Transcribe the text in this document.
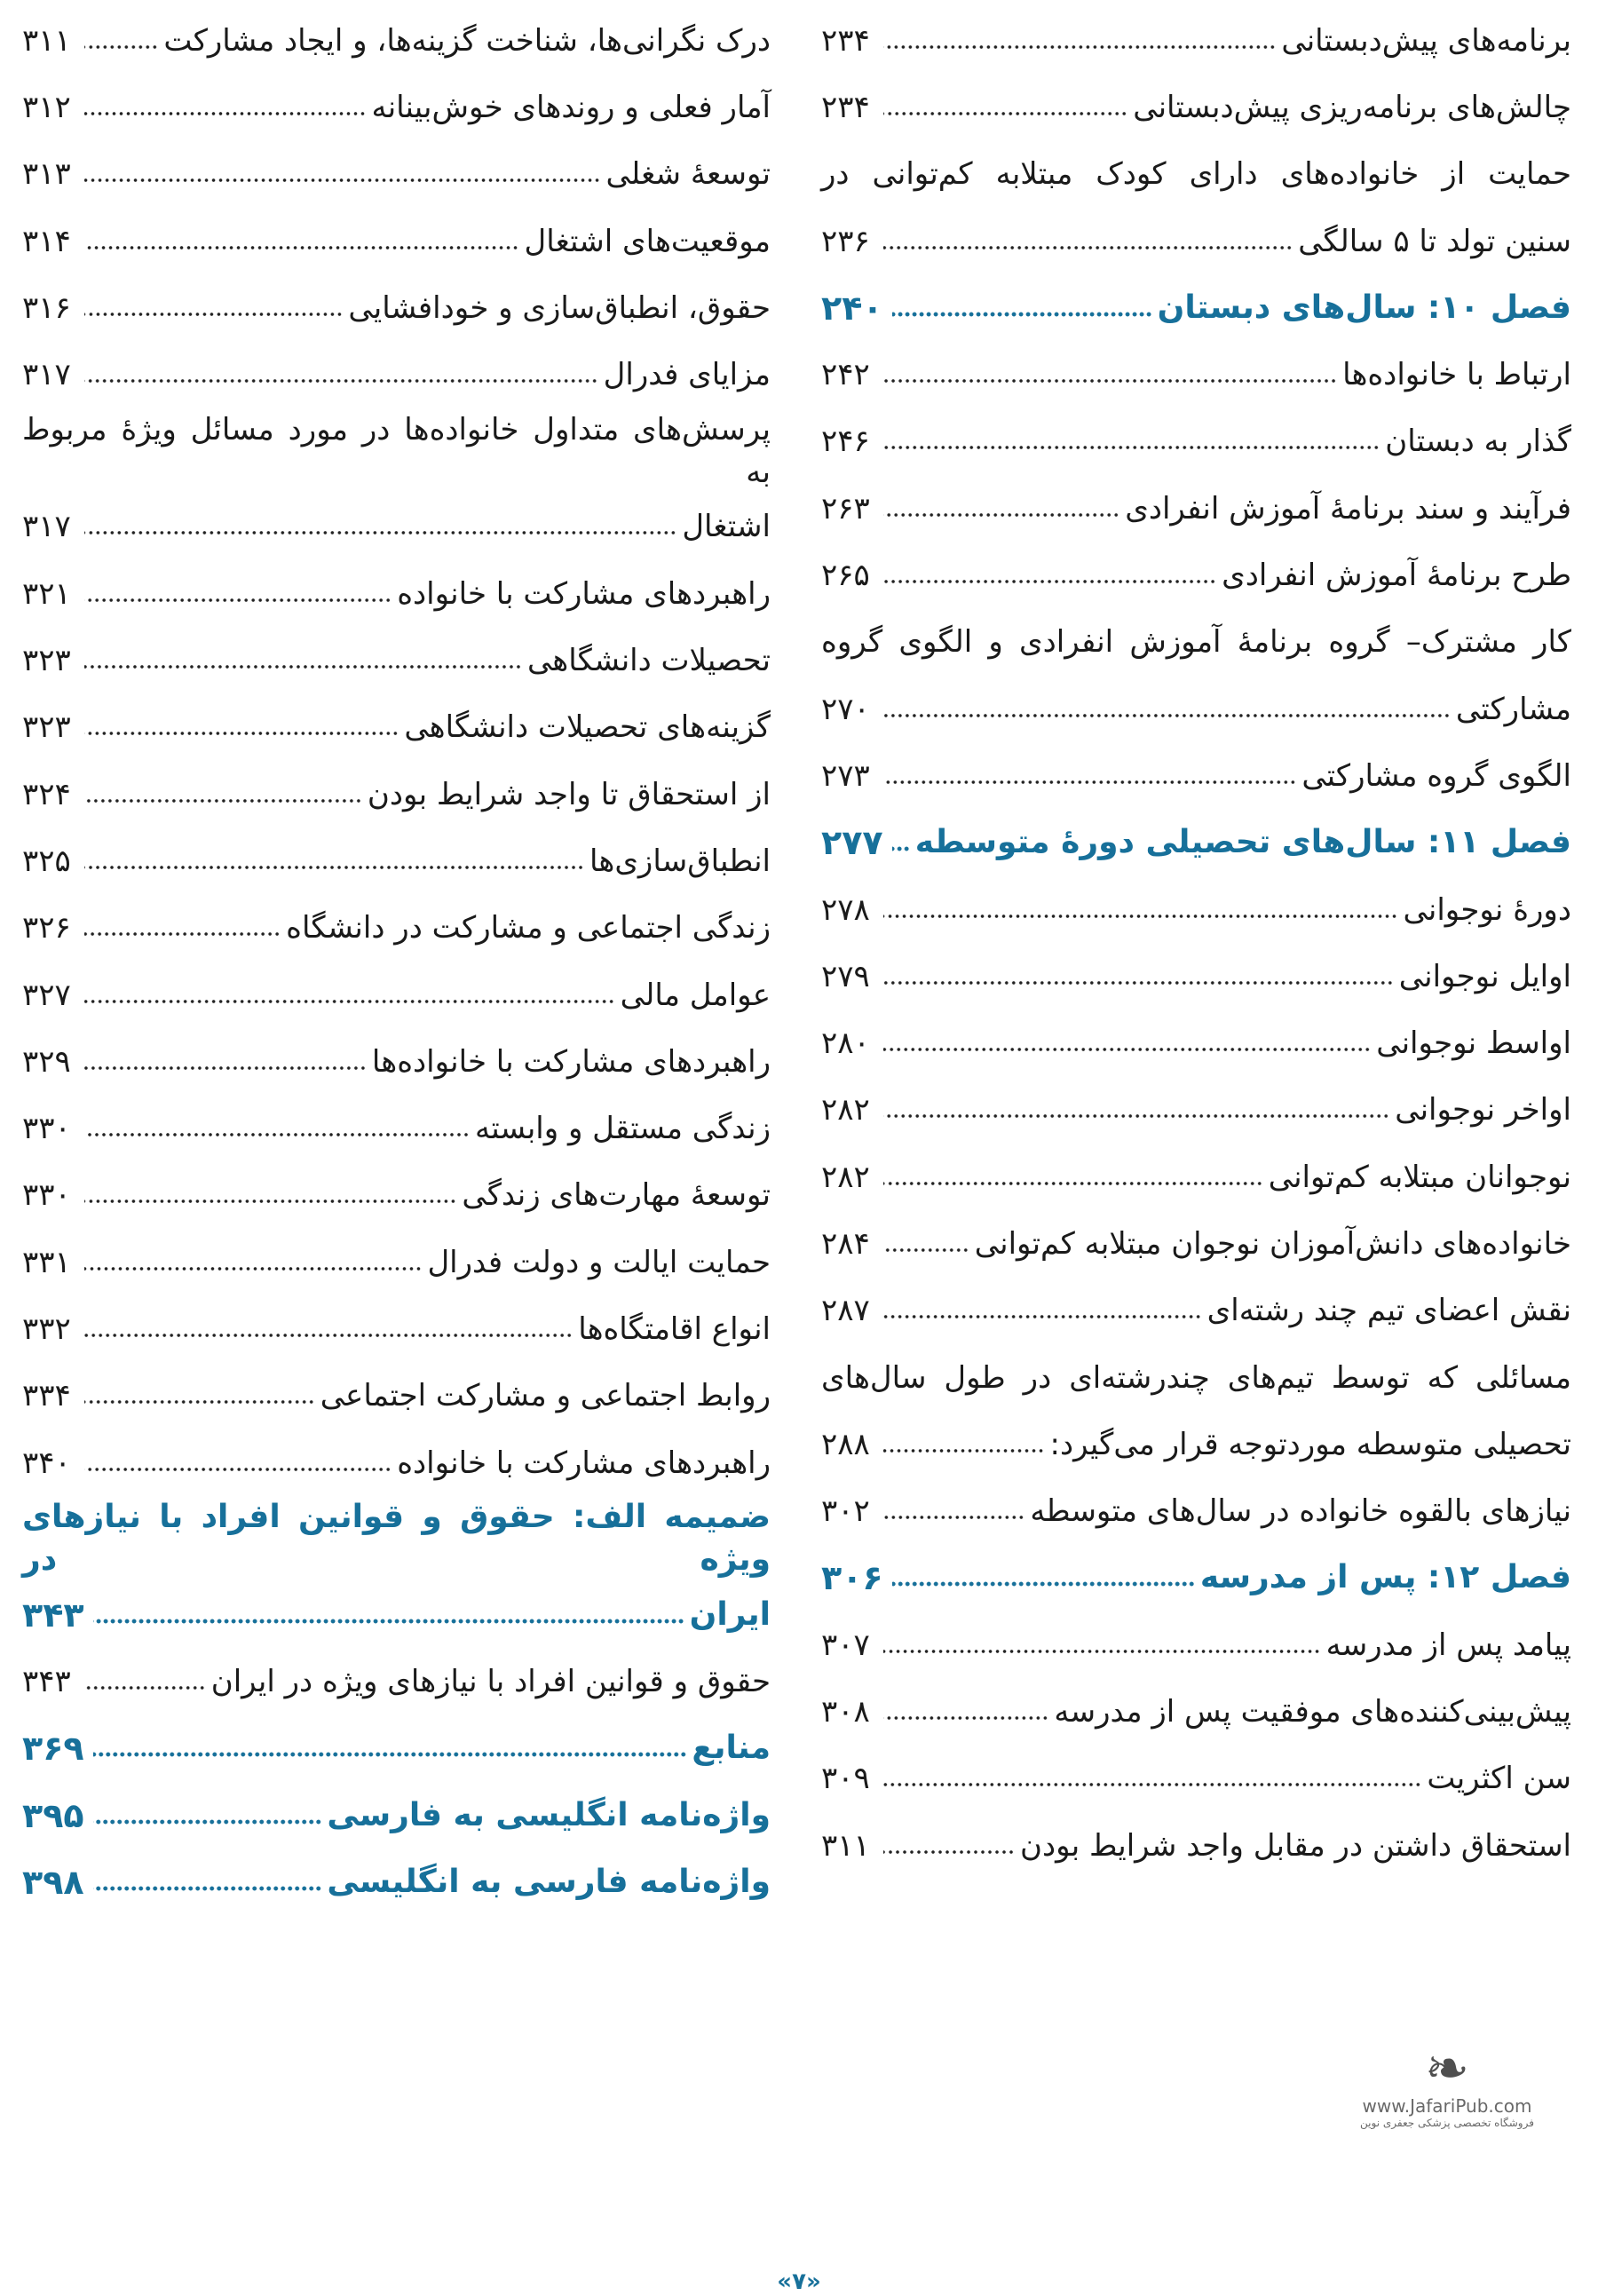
برنامه‌های پیش‌دبستانی
۲۳۴
چالش‌های برنامه‌ریزی پیش‌دبستانی
۲۳۴
حمایت از خانواده‌های دارای کودک مبتلابه کم‌توانی در
سنین تولد تا ۵ سالگی
۲۳۶
فصل ۱۰: سال‌های دبستان
۲۴۰
ارتباط با خانواده‌ها
۲۴۲
گذار به دبستان
۲۴۶
فرآیند و سند برنامۀ آموزش انفرادی
۲۶۳
طرح برنامۀ آموزش انفرادی
۲۶۵
کار مشترک– گروه برنامۀ آموزش انفرادی و الگوی گروه
مشارکتی
۲۷۰
الگوی گروه مشارکتی
۲۷۳
فصل ۱۱: سال‌های تحصیلی دورۀ متوسطه
۲۷۷
دورۀ نوجوانی
۲۷۸
اوایل نوجوانی
۲۷۹
اواسط نوجوانی
۲۸۰
اواخر نوجوانی
۲۸۲
نوجوانان مبتلابه کم‌توانی
۲۸۲
خانواده‌های دانش‌آموزان نوجوان مبتلابه کم‌توانی
۲۸۴
نقش اعضای تیم چند رشته‌ای
۲۸۷
مسائلی که توسط تیم‌های چندرشته‌ای در طول سال‌های
تحصیلی متوسطه موردتوجه قرار می‌گیرد:
۲۸۸
نیازهای بالقوه خانواده در سال‌های متوسطه
۳۰۲
فصل ۱۲: پس از مدرسه
۳۰۶
پیامد پس از مدرسه
۳۰۷
پیش‌بینی‌کننده‌های موفقیت پس از مدرسه
۳۰۸
سن اکثریت
۳۰۹
استحقاق داشتن در مقابل واجد شرایط بودن
۳۱۱
درک نگرانی‌ها، شناخت گزینه‌ها، و ایجاد مشارکت
۳۱۱
آمار فعلی و روندهای خوش‌بینانه
۳۱۲
توسعۀ شغلی
۳۱۳
موقعیت‌های اشتغال
۳۱۴
حقوق، انطباق‌سازی و خودافشایی
۳۱۶
مزایای فدرال
۳۱۷
پرسش‌های متداول خانواده‌ها در مورد مسائل ویژۀ مربوط به
اشتغال
۳۱۷
راهبردهای مشارکت با خانواده
۳۲۱
تحصیلات دانشگاهی
۳۲۳
گزینه‌های تحصیلات دانشگاهی
۳۲۳
از استحقاق تا واجد شرایط بودن
۳۲۴
انطباق‌سازی‌ها
۳۲۵
زندگی اجتماعی و مشارکت در دانشگاه
۳۲۶
عوامل مالی
۳۲۷
راهبردهای مشارکت با خانواده‌ها
۳۲۹
زندگی مستقل و وابسته
۳۳۰
توسعۀ مهارت‌های زندگی
۳۳۰
حمایت ایالت و دولت فدرال
۳۳۱
انواع اقامتگاه‌ها
۳۳۲
روابط اجتماعی و مشارکت اجتماعی
۳۳۴
راهبردهای مشارکت با خانواده
۳۴۰
ضمیمه الف: حقوق و قوانین افراد با نیازهای ویژه در
ایران
۳۴۳
حقوق و قوانین افراد با نیازهای ویژه در ایران
۳۴۳
منابع
۳۶۹
واژه‌نامه انگلیسی به فارسی
۳۹۵
واژه‌نامه فارسی به انگلیسی
۳۹۸
❧
www.JafariPub.com
فروشگاه تخصصی پزشکی جعفری نوین
«۷»
